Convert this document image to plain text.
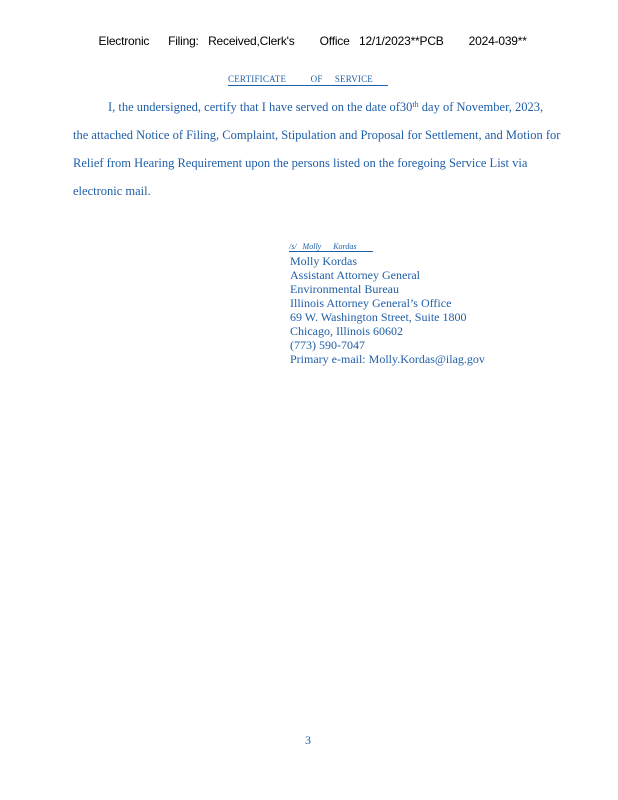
Electronic Filing: Received,Clerk's Office 12/1/2023**PCB 2024-039**

CERTIFICATE          OF     SERVICE
I, the undersigned, certify that I have served on the date of30th day of November, 2023,
the attached Notice of Filing, Complaint, Stipulation and Proposal for Settlement, and Motion for
Relief from Hearing Requirement upon the persons listed on the foregoing Service List via
electronic mail.
/s/   Molly      Kordas
Molly Kordas
Assistant Attorney General
Environmental Bureau
Illinois Attorney General’s Office
69 W. Washington Street, Suite 1800
Chicago, Illinois 60602
(773) 590-7047
Primary e-mail: Molly.Kordas@ilag.gov
3
